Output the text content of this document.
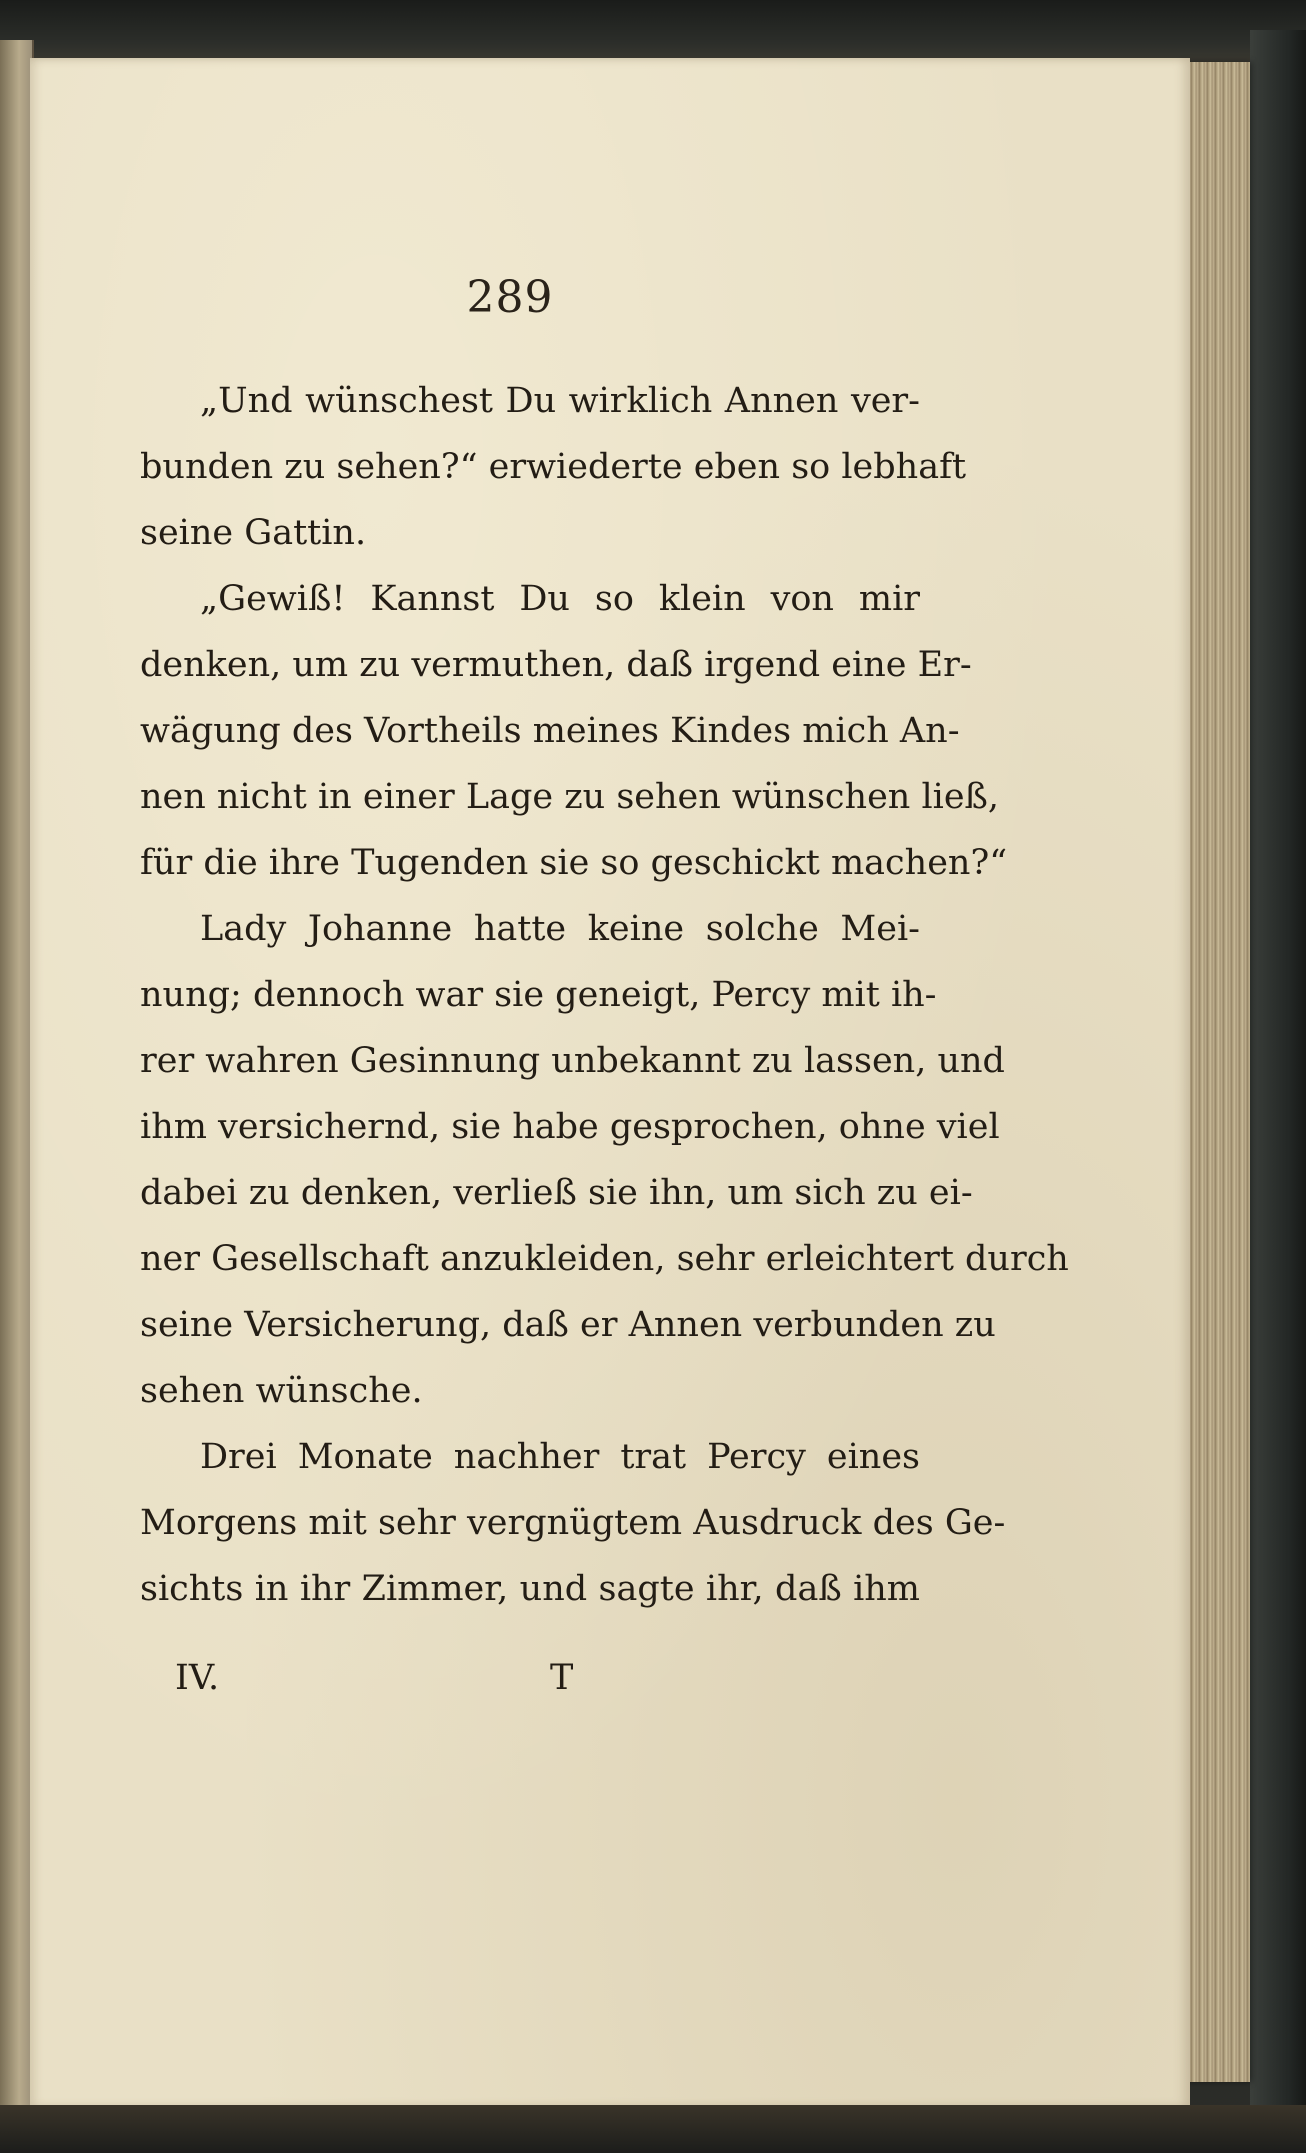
289
„Und wünschest Du wirklich Annen ver-
bunden zu sehen?“ erwiederte eben so lebhaft
seine Gattin.
„Gewiß! Kannst Du so klein von mir
denken, um zu vermuthen, daß irgend eine Er-
wägung des Vortheils meines Kindes mich An-
nen nicht in einer Lage zu sehen wünschen ließ,
für die ihre Tugenden sie so geschickt machen?“
Lady Johanne hatte keine solche Mei-
nung; dennoch war sie geneigt, Percy mit ih-
rer wahren Gesinnung unbekannt zu lassen, und
ihm versichernd, sie habe gesprochen, ohne viel
dabei zu denken, verließ sie ihn, um sich zu ei-
ner Gesellschaft anzukleiden, sehr erleichtert durch
seine Versicherung, daß er Annen verbunden zu
sehen wünsche.
Drei Monate nachher trat Percy eines
Morgens mit sehr vergnügtem Ausdruck des Ge-
sichts in ihr Zimmer, und sagte ihr, daß ihm
IV.	T
